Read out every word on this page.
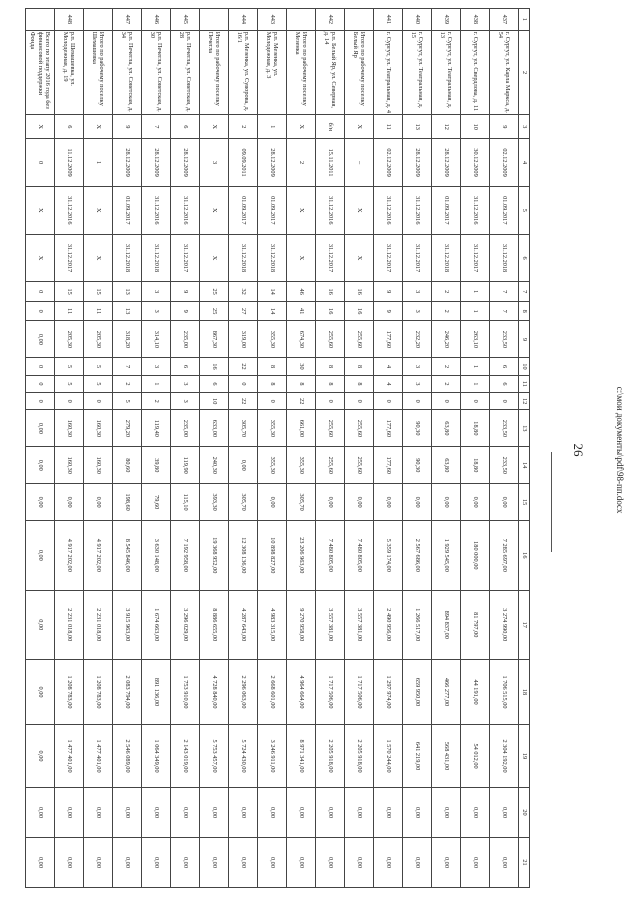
1	2	3	4	5	6	7	8	9	10	11	12	13	14	15	16	17	18	19	20	21
437	г. Сургут, ул. Карла Маркса, д. 54	9	02.12.2009	01.09.2017	31.12.2018	7	7	233,50	6	6	0	233,50	233,50	0,00	7 285 697,00	3 274 990,00	1 706 515,00	2 304 192,00	0,00	0,00
438	г. Сургут, ул. Свердлова, д. 11	10	30.12.2009	31.12.2016	31.12.2017	1	1	263,10	1	1	0	18,80	18,80	0,00	180 000,00	81 797,00	44 191,00	54 012,00	0,00	0,00
439	г. Сургут, ул. Театральная, д. 13	12	28.12.2009	01.09.2017	31.12.2018	2	2	246,20	2	2	0	63,80	63,80	0,00	1 929 545,00	894 837,00	466 277,00	568 431,00	0,00	0,00
440	г. Сургут, ул. Театральная, д. 15	13	28.12.2009	31.12.2016	31.12.2017	3	3	232,20	3	3	0	90,30	90,30	0,00	2 567 686,00	1 266 517,00	659 950,00	641 219,00	0,00	0,00
441	г. Сургут, ул. Театральная, д. 4	11	02.12.2009	31.12.2016	31.12.2017	9	9	177,60	4	4	0	177,60	177,60	0,00	5 359 174,00	2 490 956,00	1 297 974,00	1 570 244,00	0,00	0,00
	Итого по рабочему поселку Белый Яр	X	–	X	X	16	16	255,60	8	8	0	255,60	255,60	0,00	7 480 805,00	3 557 381,00	1 717 506,00	2 205 918,00	0,00	0,00
442	р.п. Белый Яр, ул. Северная, д. 14	б/н	15.11.2011	31.12.2016	31.12.2017	16	16	255,60	8	8	0	255,60	255,60	0,00	7 480 805,00	3 557 381,00	1 717 506,00	2 205 918,00	0,00	0,00
	Итого по рабочему поселку Мезенка	X	2	X	X	46	41	674,30	30	8	22	661,00	355,30	305,70	23 206 963,00	9 270 958,00	4 964 664,00	8 971 341,00	0,00	0,00
443	р.п. Мезенка, ул. Молодежная, д. 3	1	28.12.2009	01.09.2017	31.12.2018	14	14	355,30	8	8	0	355,30	355,30	0,00	10 898 827,00	4 983 315,00	2 668 601,00	3 246 911,00	0,00	0,00
444	р.п. Мезенка, ул. Суворова, д. 16/1	2	09.09.2011	01.09.2017	31.12.2018	32	27	319,00	22	0	22	305,70	0,00	305,70	12 308 136,00	4 287 643,00	2 296 063,00	5 724 430,00	0,00	0,00
	Итого по рабочему поселку Печегла	X	3	X	X	25	25	867,30	16	6	10	633,00	240,30	393,30	19 368 952,00	8 886 655,00	4 728 840,00	5 753 457,00	0,00	0,00
445	р.п. Печегла, ул. Советская, д. 28	6	28.12.2009	31.12.2016	31.12.2017	9	9	235,00	6	3	3	235,00	119,90	115,10	7 192 958,00	3 296 029,00	1 753 910,00	2 143 019,00	0,00	0,00
446	р.п. Печегла, ул. Советская, д. 30	7	28.12.2009	31.12.2016	31.12.2018	3	3	314,10	3	1	2	119,40	39,80	79,60	3 630 148,00	1 674 663,00	891 136,00	1 064 349,00	0,00	0,00
447	р.п. Печегла, ул. Советская, д. 34	9	28.12.2009	01.09.2017	31.12.2018	13	13	318,20	7	2	5	279,20	80,60	198,60	8 545 846,00	3 915 963,00	2 083 794,00	2 546 089,00	0,00	0,00
	Итого по рабочему поселку Шемашевка	X	1	X	X	15	11	205,30	5	5	0	160,30	160,30	0,00	4 917 202,00	2 231 018,00	1 208 783,00	1 477 401,00	0,00	0,00
448	р.п. Шемашевка, ул. Молодежная, д. 19	6	11.12.2009	31.12.2016	31.12.2017	15	11	205,30	5	5	0	160,30	160,30	0,00	4 917 202,00	2 231 018,00	1 208 783,00	1 477 401,00	0,00	0,00
	Всего по этапу 2016 года без финансовой поддержки Фонда	X	0	X	X	0	0	0,00	0	0	0	0,00	0,00	0,00	0,00	0,00	0,00	0,00	0,00	0,00
26	c:\мои документы\pdf\98-пп.docx
